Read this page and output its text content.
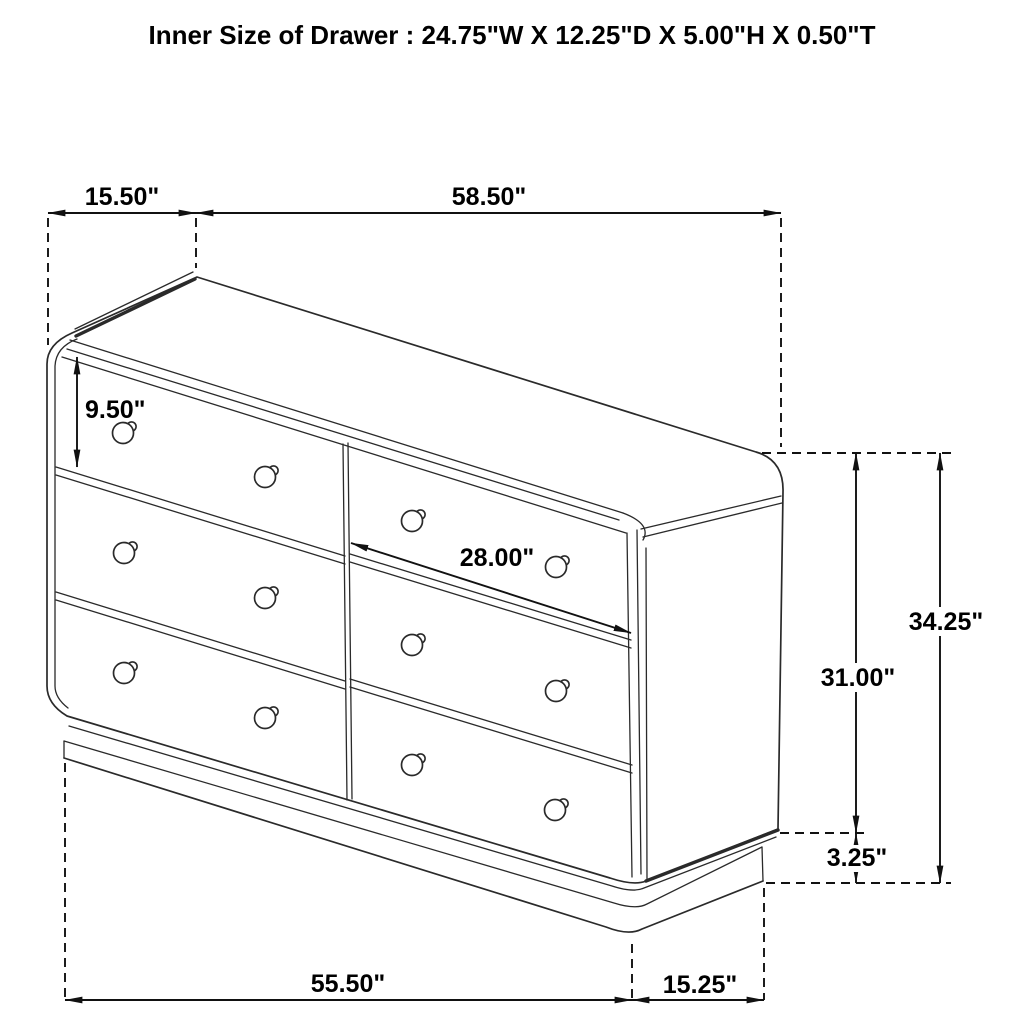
Inner Size of Drawer : 24.75"W X 12.25"D X 5.00"H X 0.50"T
15.50"	58.50"
9.50"
28.00"
34.25"
31.00"
3.25"
55.50"	15.25"
